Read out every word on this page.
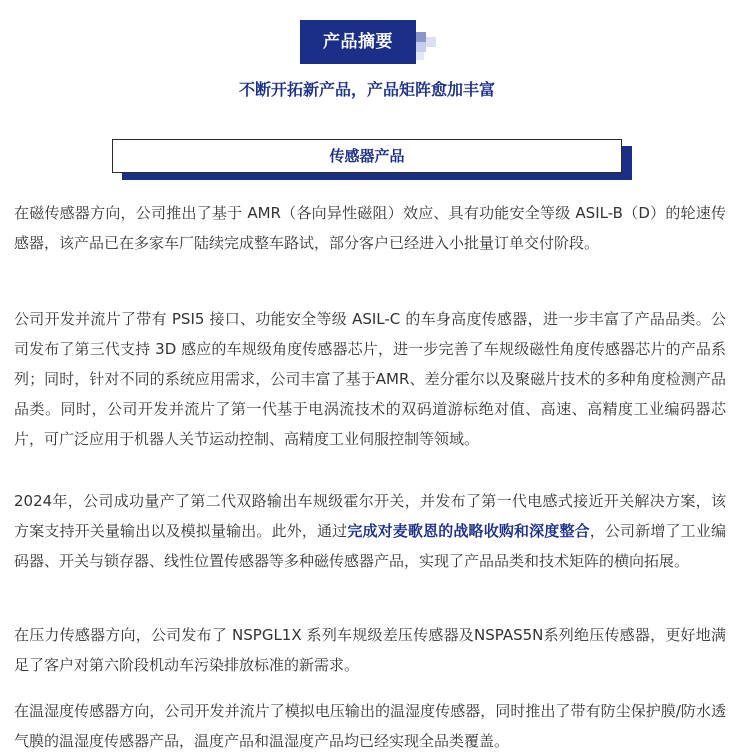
产品摘要
不断开拓新产品，产品矩阵愈加丰富
传感器产品

在磁传感器方向，公司推出了基于 AMR（各向异性磁阻）效应、具有功能安全等级 ASIL-B（D）的轮速传感器，该产品已在多家车厂陆续完成整车路试，部分客户已经进入小批量订单交付阶段。

公司开发并流片了带有 PSI5 接口、功能安全等级 ASIL-C 的车身高度传感器，进一步丰富了产品品类。公司发布了第三代支持 3D 感应的车规级角度传感器芯片，进一步完善了车规级磁性角度传感器芯片的产品系列；同时，针对不同的系统应用需求，公司丰富了基于AMR、差分霍尔以及聚磁片技术的多种角度检测产品品类。同时，公司开发并流片了第一代基于电涡流技术的双码道游标绝对值、高速、高精度工业编码器芯片，可广泛应用于机器人关节运动控制、高精度工业伺服控制等领域。

2024年，公司成功量产了第二代双路输出车规级霍尔开关，并发布了第一代电感式接近开关解决方案，该方案支持开关量输出以及模拟量输出。此外，通过完成对麦歌恩的战略收购和深度整合，公司新增了工业编码器、开关与锁存器、线性位置传感器等多种磁传感器产品，实现了产品品类和技术矩阵的横向拓展。

在压力传感器方向，公司发布了 NSPGL1X 系列车规级差压传感器及NSPAS5N系列绝压传感器，更好地满足了客户对第六阶段机动车污染排放标准的新需求。

在温湿度传感器方向，公司开发并流片了模拟电压输出的温湿度传感器，同时推出了带有防尘保护膜/防水透气膜的温湿度传感器产品，温度产品和温湿度产品均已经实现全品类覆盖。
